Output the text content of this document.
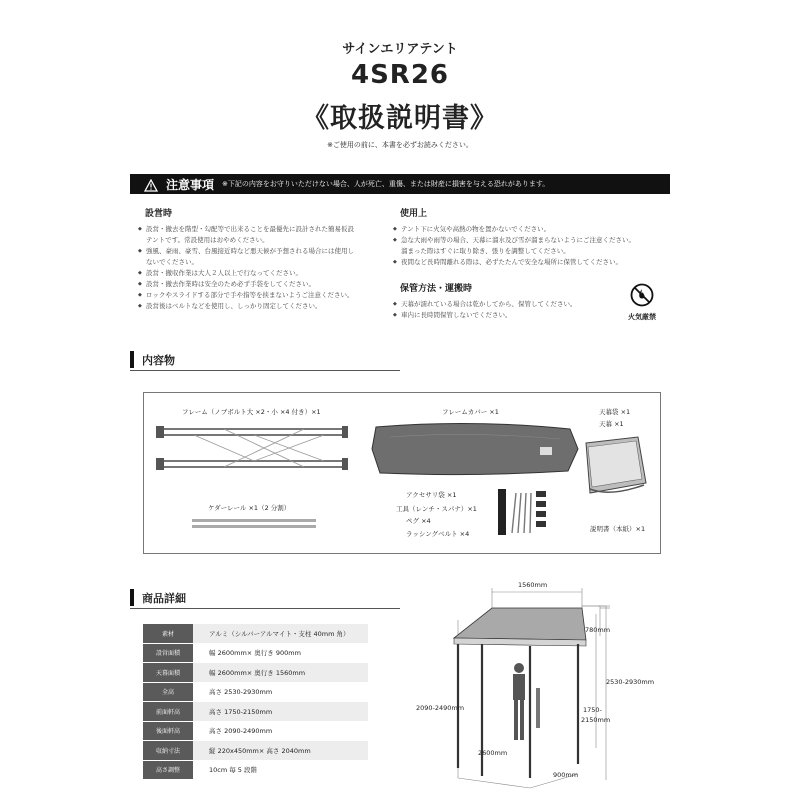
サインエリアテント
4SR26
《取扱説明書》
※ご使用の前に、本書を必ずお読みください。
注意事項 ※下記の内容をお守りいただけない場合、人が死亡、重傷、または財産に損害を与える恐れがあります。
設営時
◆ 設営・撤去を階型・勾配等で出来ることを最優先に設計された簡易仮設
テントです。常設使用はおやめください。
◆ 強風、豪雨、豪雪、台風接近時など悪天候が予想される場合には使用し
ないでください。
◆ 設営・撤収作業は大人２人以上で行なってください。
◆ 設営・撤去作業時は安全のため必ず手袋をしてください。
◆ ロックやスライドする部分で手や指等を挟まないようご注意ください。
◆ 設営後はベルトなどを使用し、しっかり固定してください。
使用上
◆ テント下に火気や高熱の物を置かないでください。
◆ 急な大雨や雨等の場合、天幕に溜水及び雪が溜まらないようにご注意ください。
溜まった際はすぐに取り除き、張りを調整してください。
◆ 夜間など長時間離れる際は、必ずたたんで安全な場所に保管してください。
保管方法・運搬時
◆ 天幕が濡れている場合は乾かしてから、保管してください。
◆ 車内に長時間保管しないでください。	火気厳禁
内容物
フレーム（ノブボルト大 ×2・小 ×4 付き）×1	フレームカバー ×1	天幕袋 ×1
天幕 ×1
ケダーレール ×1（2 分割）
アクセサリ袋 ×1
工具（レンチ・スパナ）×1
ペグ ×4
ラッシングベルト ×4
説明書（本紙）×1
商品詳細
素材	アルミ（シルバーアルマイト・支柱 40mm 角）
設営面積	幅 2600mm× 奥行き 900mm
天幕面積	幅 2600mm× 奥行き 1560mm
全高	高さ 2530-2930mm
前面軒高	高さ 1750-2150mm
後面軒高	高さ 2090-2490mm
収納寸法	縦 220x450mm× 高さ 2040mm
高さ調整	10cm 毎 5 段階
1560mm
780mm
2530-2930mm
2090-2490mm	1750-
2150mm
2600mm
900mm
